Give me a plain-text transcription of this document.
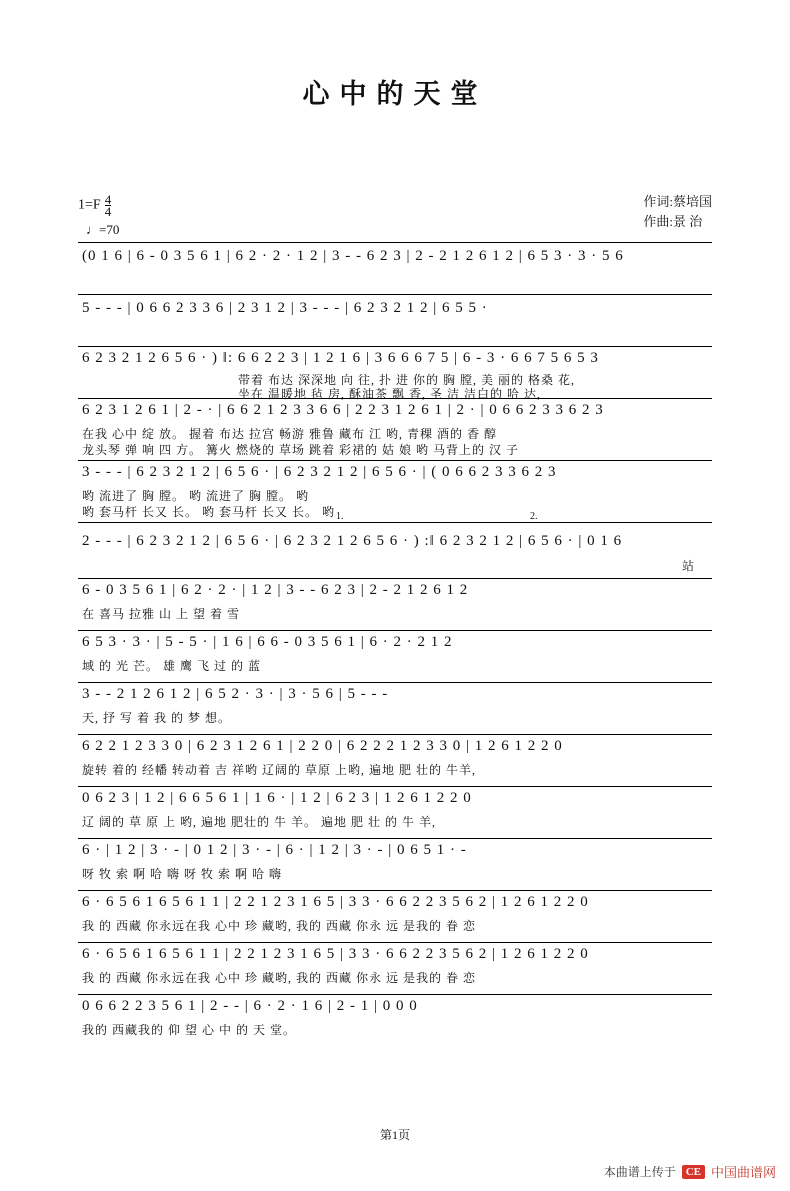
心中的天堂
$1=F \frac{4}{4}$
♩=70
作词:蔡培国
作曲:景 治
(0 1 6 | 6 - 0 3 5 6 1 | 6 2 · 2 · 1 2 | 3 - - 6 2 3 | 2 - 2 1 2 6 1 2 | 6 5 3 · 3 · 5 6
5 - - - | 0 6 6 2 3 3 6 | 2 3 1 2 | 3 - - - | 6 2 3 2 1 2 | 6 5 5 ·
6 2 3 2 1 2 6 5 6 · ) ‖: 6 6 2 2 3 | 1 2 1 6 | 3 6 6 6 7 5 | 6 - 3 · 6 6 7 5 6 5 3
带着 布达 深深地 向 往, 扑 进 你的 胸 膛, 美 丽的 格桑 花,
坐在 温暖地 毡 房, 酥油茶 飘 香, 圣 洁 洁白的 哈 达,
6 2 3 1 2 6 1 | 2 - · | 6 6 2 1 2 3 3 6 6 | 2 2 3 1 2 6 1 | 2 · | 0 6 6 2 3 3 6 2 3
在我 心中 绽 放。 握着 布达 拉宫 畅游 雅鲁 藏布 江 哟, 青稞 酒的 香 醇
龙头琴 弹 响 四 方。 篝火 燃烧的 草场 跳着 彩裙的 姑 娘 哟 马背上的 汉 子
3 - - - | 6 2 3 2 1 2 | 6 5 6 · | 6 2 3 2 1 2 | 6 5 6 · | ( 0 6 6 2 3 3 6 2 3
哟 流进了 胸 膛。 哟 流进了 胸 膛。 哟
哟 套马杆 长又 长。 哟 套马杆 长又 长。 哟 1.	2.
2 - - - | 6 2 3 2 1 2 | 6 5 6 · | 6 2 3 2 1 2 6 5 6 · ) :‖ 6 2 3 2 1 2 | 6 5 6 · | 0 1 6
站
6 - 0 3 5 6 1 | 6 2 · 2 · | 1 2 | 3 - - 6 2 3 | 2 - 2 1 2 6 1 2
在 喜马 拉雅 山 上 望 着 雪
6 5 3 · 3 · | 5 - 5 · | 1 6 | 6 6 - 0 3 5 6 1 | 6 · 2 · 2 1 2
域 的 光 芒。 雄 鹰 飞 过 的 蓝
3 - - 2 1 2 6 1 2 | 6 5 2 · 3 · | 3 · 5 6 | 5 - - -
天, 抒 写 着 我 的 梦 想。
6 2 2 1 2 3 3 0 | 6 2 3 1 2 6 1 | 2 2 0 | 6 2 2 2 1 2 3 3 0 | 1 2 6 1 2 2 0
旋转 着的 经幡 转动着 吉 祥哟 辽阔的 草原 上哟, 遍地 肥 壮的 牛羊,
0 6 2 3 | 1 2 | 6 6 5 6 1 | 1 6 · | 1 2 | 6 2 3 | 1 2 6 1 2 2 0
辽 阔的 草 原 上 哟, 遍地 肥壮的 牛 羊。 遍地 肥 壮 的 牛 羊,
6 · | 1 2 | 3 · - | 0 1 2 | 3 · - | 6 · | 1 2 | 3 · - | 0 6 5 1 · -
呀 牧 索 啊 哈 嗨 呀 牧 索 啊 哈 嗨
6 · 6 5 6 1 6 5 6 1 1 | 2 2 1 2 3 1 6 5 | 3 3 · 6 6 2 2 3 5 6 2 | 1 2 6 1 2 2 0
我 的 西藏 你永远在我 心中 珍 藏哟, 我的 西藏 你永 远 是我的 眷 恋
6 · 6 5 6 1 6 5 6 1 1 | 2 2 1 2 3 1 6 5 | 3 3 · 6 6 2 2 3 5 6 2 | 1 2 6 1 2 2 0
我 的 西藏 你永远在我 心中 珍 藏哟, 我的 西藏 你永 远 是我的 眷 恋
0 6 6 2 2 3 5 6 1 | 2 - - | 6 · 2 · 1 6 | 2 - 1 | 0 0 0
我的 西藏我的 仰 望 心 中 的 天 堂。
第1页
本曲谱上传于 CE 中国曲谱网
